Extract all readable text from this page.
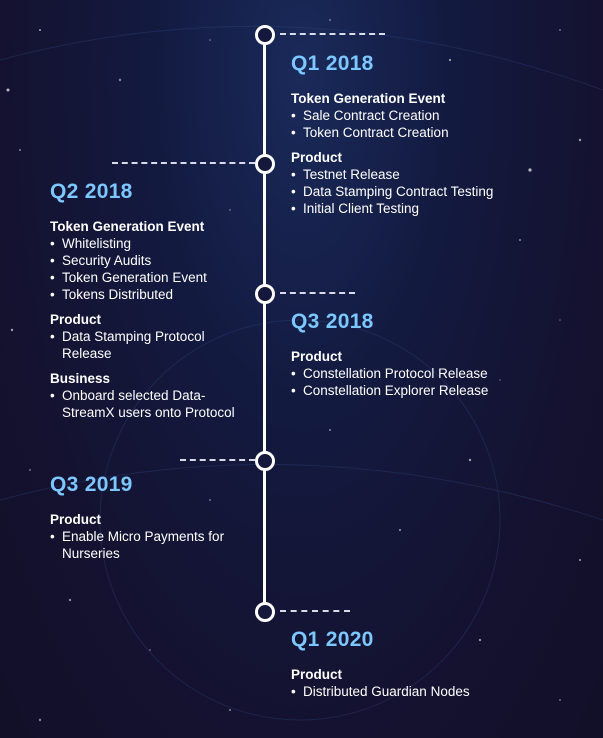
Q1 2018
Token Generation Event
• Sale Contract Creation
• Token Contract Creation
Product
• Testnet Release
• Data Stamping Contract Testing
• Initial Client Testing
Q2 2018
Token Generation Event
• Whitelisting
• Security Audits
• Token Generation Event
• Tokens Distributed
Product
• Data Stamping Protocol Release
Business
• Onboard selected Data-StreamX users onto Protocol
Q3 2018
Product
• Constellation Protocol Release
• Constellation Explorer Release
Q3 2019
Product
• Enable Micro Payments for Nurseries
Q1 2020
Product
• Distributed Guardian Nodes
